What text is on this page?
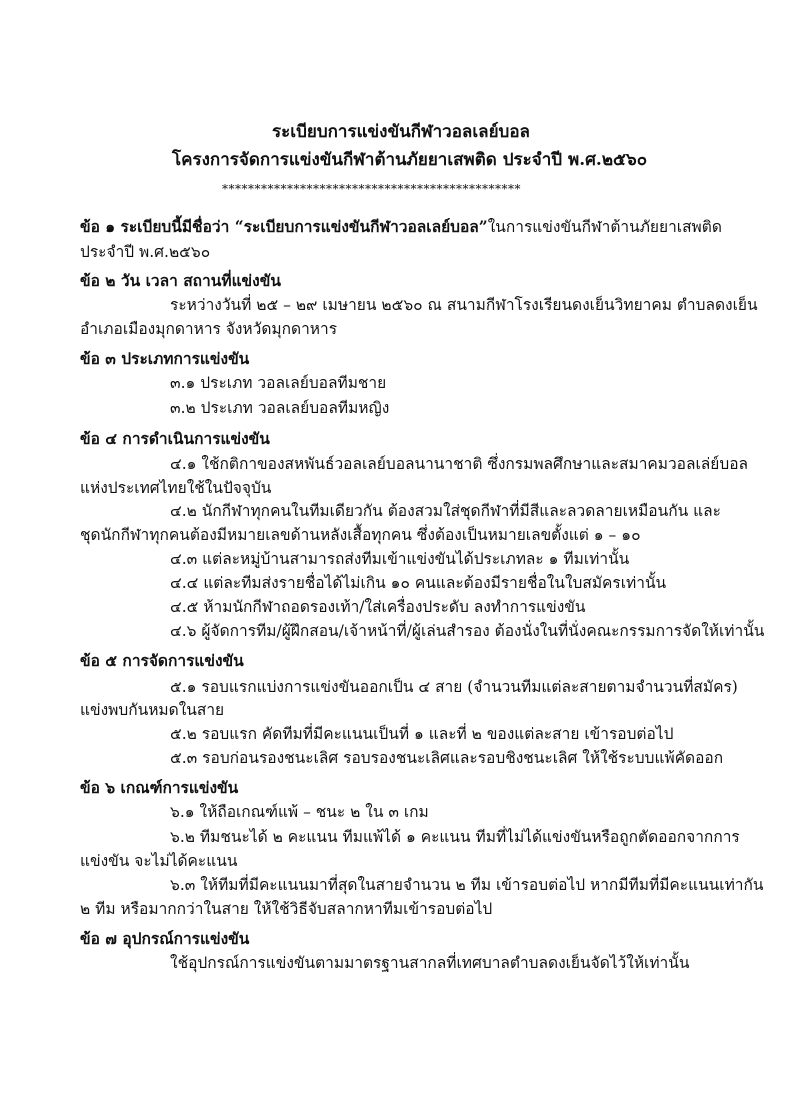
ระเบียบการแข่งขันกีฬาวอลเลย์บอล
โครงการจัดการแข่งขันกีฬาต้านภัยยาเสพติด ประจำปี พ.ศ.๒๕๖๐
**********************************************
ข้อ ๑ ระเบียบนี้มีชื่อว่า “ระเบียบการแข่งขันกีฬาวอลเลย์บอล”ในการแข่งขันกีฬาต้านภัยยาเสพติด
ประจำปี พ.ศ.๒๕๖๐
ข้อ ๒ วัน เวลา สถานที่แข่งขัน
ระหว่างวันที่ ๒๕ – ๒๙ เมษายน ๒๕๖๐ ณ สนามกีฬาโรงเรียนดงเย็นวิทยาคม ตำบลดงเย็น
อำเภอเมืองมุกดาหาร จังหวัดมุกดาหาร
ข้อ ๓ ประเภทการแข่งขัน
๓.๑ ประเภท วอลเลย์บอลทีมชาย
๓.๒ ประเภท วอลเลย์บอลทีมหญิง
ข้อ ๔ การดำเนินการแข่งขัน
๔.๑ ใช้กติกาของสหพันธ์วอลเลย์บอลนานาชาติ ซึ่งกรมพลศึกษาและสมาคมวอลเล่ย์บอล
แห่งประเทศไทยใช้ในปัจจุบัน
๔.๒ นักกีฬาทุกคนในทีมเดียวกัน ต้องสวมใส่ชุดกีฬาที่มีสีและลวดลายเหมือนกัน และ
ชุดนักกีฬาทุกคนต้องมีหมายเลขด้านหลังเสื้อทุกคน ซึ่งต้องเป็นหมายเลขตั้งแต่ ๑ – ๑๐
๔.๓ แต่ละหมู่บ้านสามารถส่งทีมเข้าแข่งขันได้ประเภทละ ๑ ทีมเท่านั้น
๔.๔ แต่ละทีมส่งรายชื่อได้ไม่เกิน ๑๐ คนและต้องมีรายชื่อในใบสมัครเท่านั้น
๔.๕ ห้ามนักกีฬาถอดรองเท้า/ใส่เครื่องประดับ ลงทำการแข่งขัน
๔.๖ ผู้จัดการทีม/ผู้ฝึกสอน/เจ้าหน้าที่/ผู้เล่นสำรอง ต้องนั่งในที่นั่งคณะกรรมการจัดให้เท่านั้น
ข้อ ๕ การจัดการแข่งขัน
๕.๑ รอบแรกแบ่งการแข่งขันออกเป็น ๔ สาย (จำนวนทีมแต่ละสายตามจำนวนที่สมัคร)
แข่งพบกันหมดในสาย
๕.๒ รอบแรก คัดทีมที่มีคะแนนเป็นที่ ๑ และที่ ๒ ของแต่ละสาย เข้ารอบต่อไป
๕.๓ รอบก่อนรองชนะเลิศ รอบรองชนะเลิศและรอบชิงชนะเลิศ ให้ใช้ระบบแพ้คัดออก
ข้อ ๖ เกณฑ์การแข่งขัน
๖.๑ ให้ถือเกณฑ์แพ้ – ชนะ ๒ ใน ๓ เกม
๖.๒ ทีมชนะได้ ๒ คะแนน ทีมแพ้ได้ ๑ คะแนน ทีมที่ไม่ได้แข่งขันหรือถูกตัดออกจากการ
แข่งขัน จะไม่ได้คะแนน
๖.๓ ให้ทีมที่มีคะแนนมาที่สุดในสายจำนวน ๒ ทีม เข้ารอบต่อไป หากมีทีมที่มีคะแนนเท่ากัน
๒ ทีม หรือมากกว่าในสาย ให้ใช้วิธีจับสลากหาทีมเข้ารอบต่อไป
ข้อ ๗ อุปกรณ์การแข่งขัน
ใช้อุปกรณ์การแข่งขันตามมาตรฐานสากลที่เทศบาลตำบลดงเย็นจัดไว้ให้เท่านั้น
